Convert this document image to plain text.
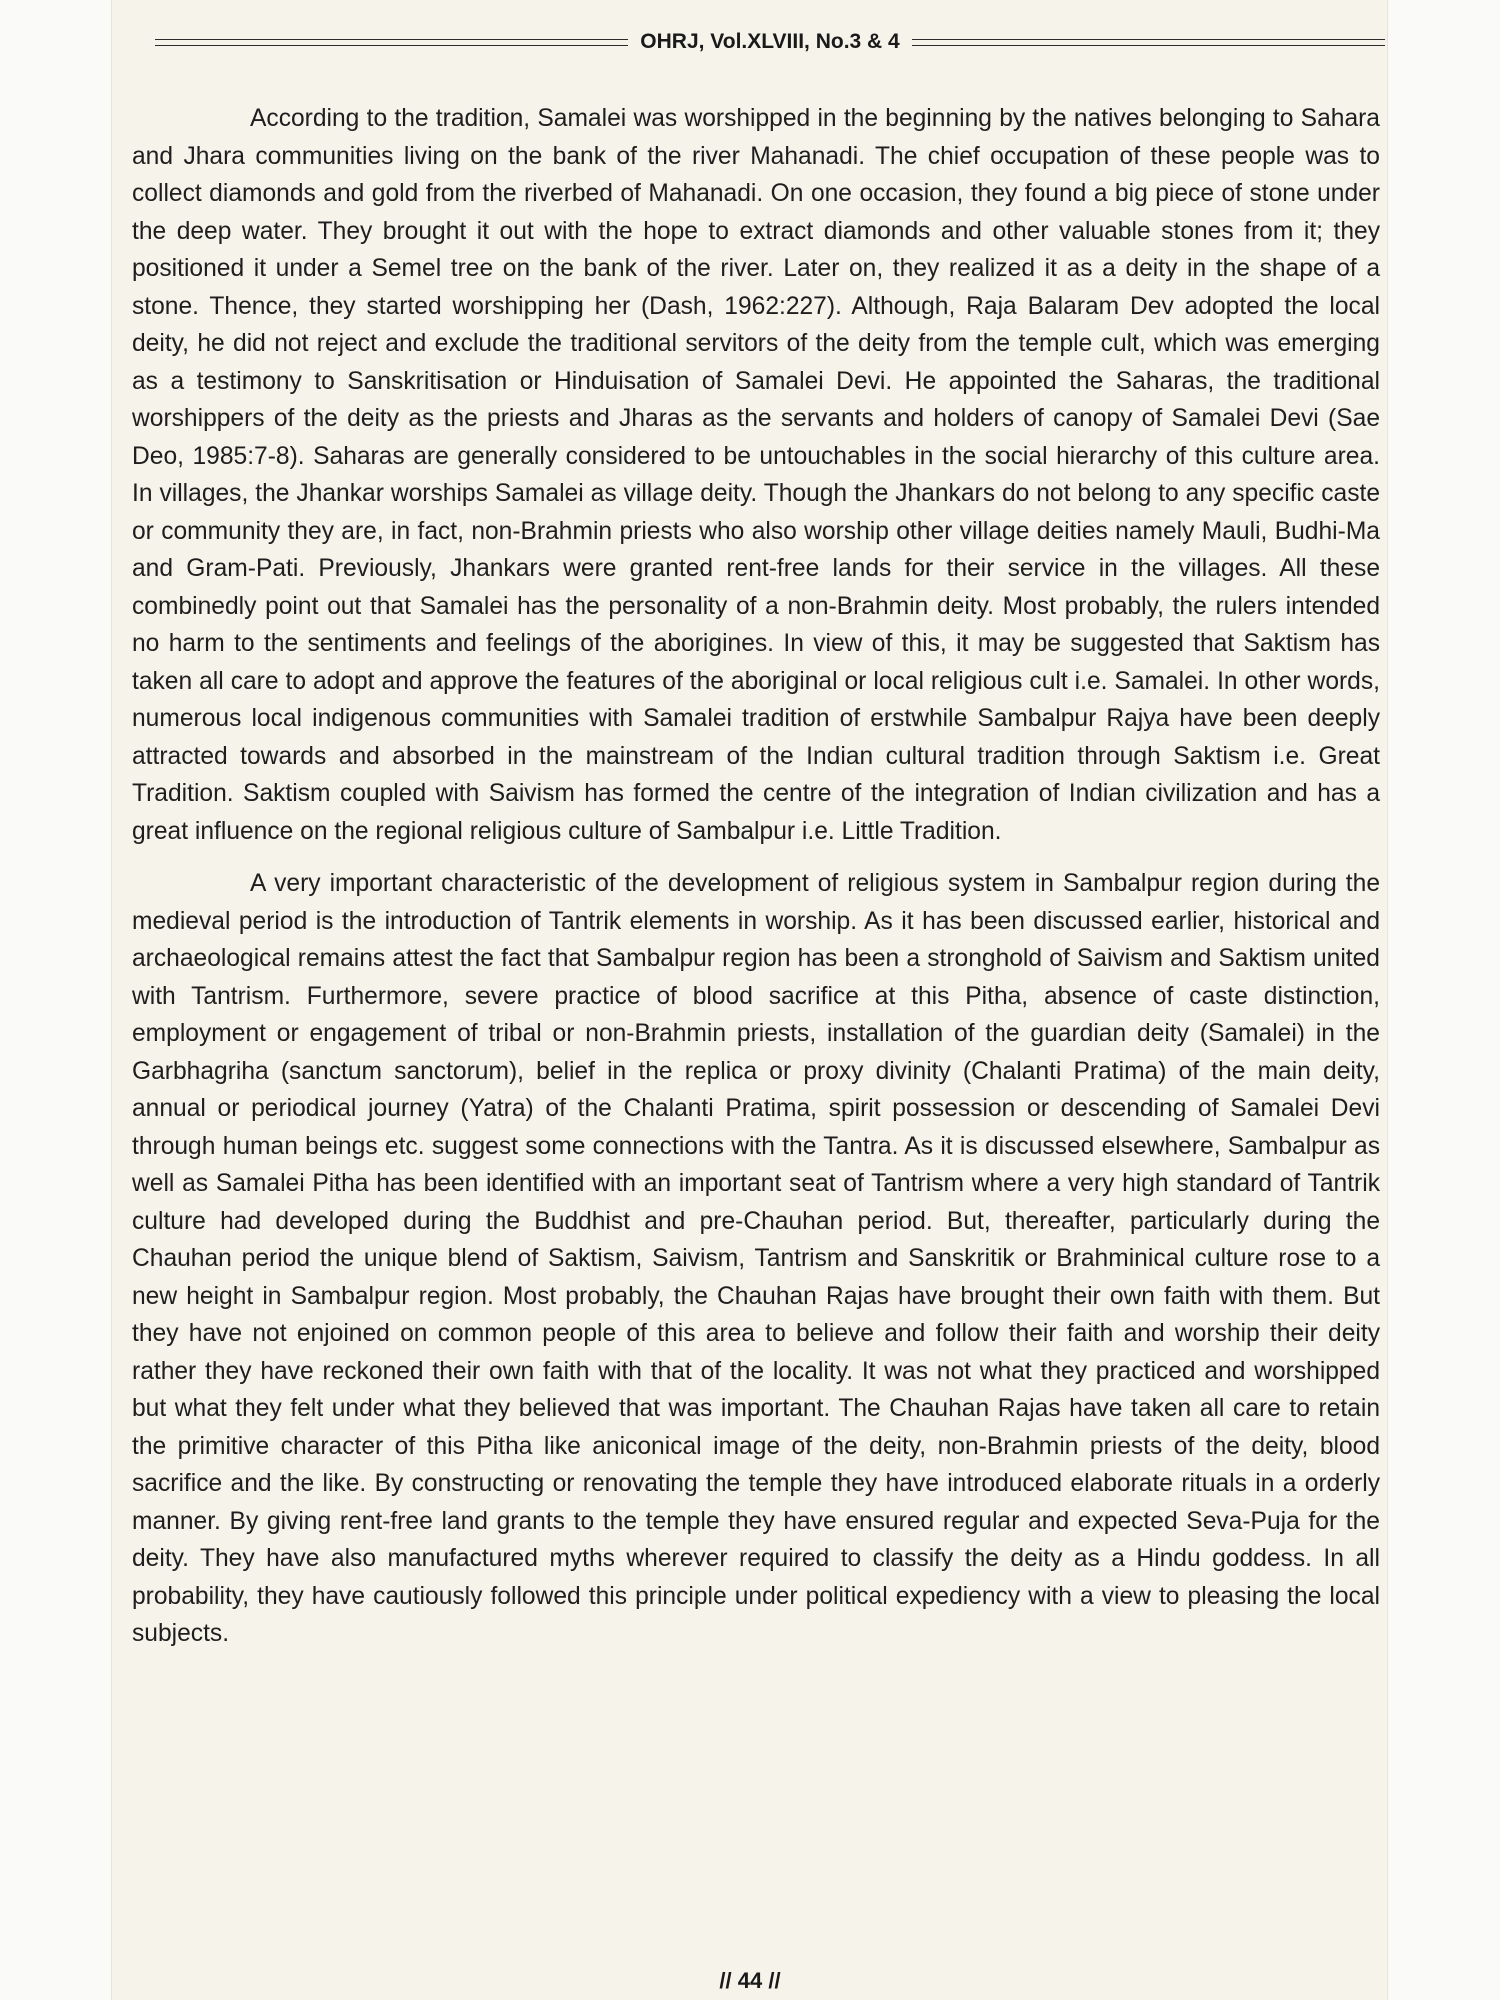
OHRJ, Vol.XLVIII, No.3 & 4

According to the tradition, Samalei was worshipped in the beginning by the natives belonging to Sahara and Jhara communities living on the bank of the river Mahanadi. The chief occupation of these people was to collect diamonds and gold from the riverbed of Mahanadi. On one occasion, they found a big piece of stone under the deep water. They brought it out with the hope to extract diamonds and other valuable stones from it; they positioned it under a Semel tree on the bank of the river. Later on, they realized it as a deity in the shape of a stone. Thence, they started worshipping her (Dash, 1962:227). Although, Raja Balaram Dev adopted the local deity, he did not reject and exclude the traditional servitors of the deity from the temple cult, which was emerging as a testimony to Sanskritisation or Hinduisation of Samalei Devi. He appointed the Saharas, the traditional worshippers of the deity as the priests and Jharas as the servants and holders of canopy of Samalei Devi (Sae Deo, 1985:7-8). Saharas are generally considered to be untouchables in the social hierarchy of this culture area. In villages, the Jhankar worships Samalei as village deity. Though the Jhankars do not belong to any specific caste or community they are, in fact, non-Brahmin priests who also worship other village deities namely Mauli, Budhi-Ma and Gram-Pati. Previously, Jhankars were granted rent-free lands for their service in the villages. All these combinedly point out that Samalei has the personality of a non-Brahmin deity. Most probably, the rulers intended no harm to the sentiments and feelings of the aborigines. In view of this, it may be suggested that Saktism has taken all care to adopt and approve the features of the aboriginal or local religious cult i.e. Samalei. In other words, numerous local indigenous communities with Samalei tradition of erstwhile Sambalpur Rajya have been deeply attracted towards and absorbed in the mainstream of the Indian cultural tradition through Saktism i.e. Great Tradition. Saktism coupled with Saivism has formed the centre of the integration of Indian civilization and has a great influence on the regional religious culture of Sambalpur i.e. Little Tradition.

A very important characteristic of the development of religious system in Sambalpur region during the medieval period is the introduction of Tantrik elements in worship. As it has been discussed earlier, historical and archaeological remains attest the fact that Sambalpur region has been a stronghold of Saivism and Saktism united with Tantrism. Furthermore, severe practice of blood sacrifice at this Pitha, absence of caste distinction, employment or engagement of tribal or non-Brahmin priests, installation of the guardian deity (Samalei) in the Garbhagriha (sanctum sanctorum), belief in the replica or proxy divinity (Chalanti Pratima) of the main deity, annual or periodical journey (Yatra) of the Chalanti Pratima, spirit possession or descending of Samalei Devi through human beings etc. suggest some connections with the Tantra. As it is discussed elsewhere, Sambalpur as well as Samalei Pitha has been identified with an important seat of Tantrism where a very high standard of Tantrik culture had developed during the Buddhist and pre-Chauhan period. But, thereafter, particularly during the Chauhan period the unique blend of Saktism, Saivism, Tantrism and Sanskritik or Brahminical culture rose to a new height in Sambalpur region. Most probably, the Chauhan Rajas have brought their own faith with them. But they have not enjoined on common people of this area to believe and follow their faith and worship their deity rather they have reckoned their own faith with that of the locality. It was not what they practiced and worshipped but what they felt under what they believed that was important. The Chauhan Rajas have taken all care to retain the primitive character of this Pitha like aniconical image of the deity, non-Brahmin priests of the deity, blood sacrifice and the like. By constructing or renovating the temple they have introduced elaborate rituals in a orderly manner. By giving rent-free land grants to the temple they have ensured regular and expected Seva-Puja for the deity. They have also manufactured myths wherever required to classify the deity as a Hindu goddess. In all probability, they have cautiously followed this principle under political expediency with a view to pleasing the local subjects.

// 44 //
